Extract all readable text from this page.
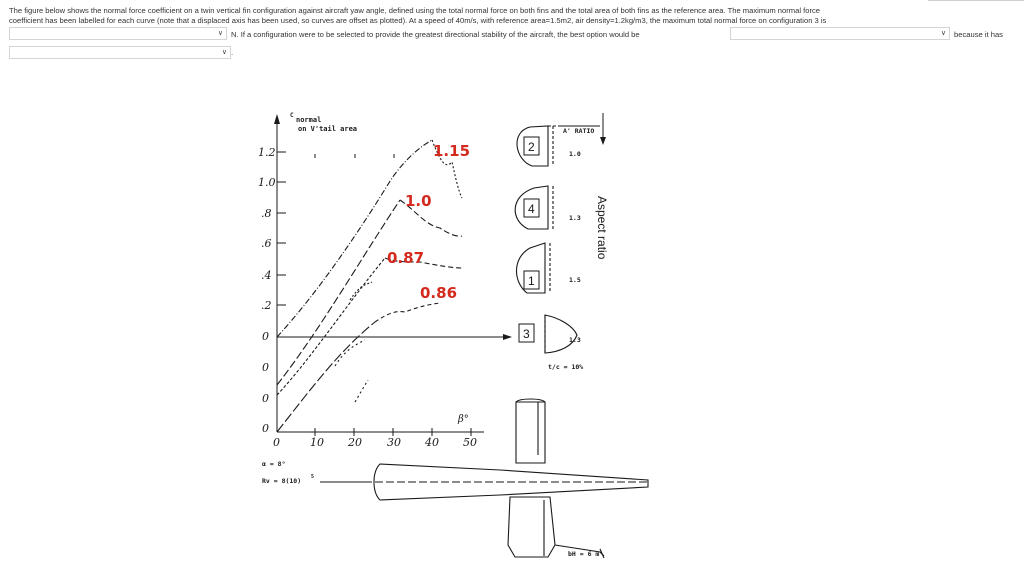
The figure below shows the normal force coefficient on a twin vertical fin configuration against aircraft yaw angle, defined using the total normal force on both fins and the total area of both fins as the reference area. The maximum normal force
coefficient has been labelled for each curve (note that a displaced axis has been used, so curves are offset as plotted). At a speed of 40m/s, with reference area=1.5m2, air density=1.2kg/m3, the maximum total normal force on configuration 3 is
∨ N. If a configuration were to be selected to provide the greatest directional stability of the aircraft, the best option would be	∨ because it has
∨ .
1.2
1.0
.8
.6
.4
.2
0
0
0
0
0	10 20 30 40 50
β°
C
normal
on V'tail area
1.15
1.0
0.87
0.86
2
4
1
3
A' RATIO
1.0
1.3
1.5
1.3
t/c = 10%
Aspect ratio
α = 8°
Rv = 8(10) 5
bH = 6 m
